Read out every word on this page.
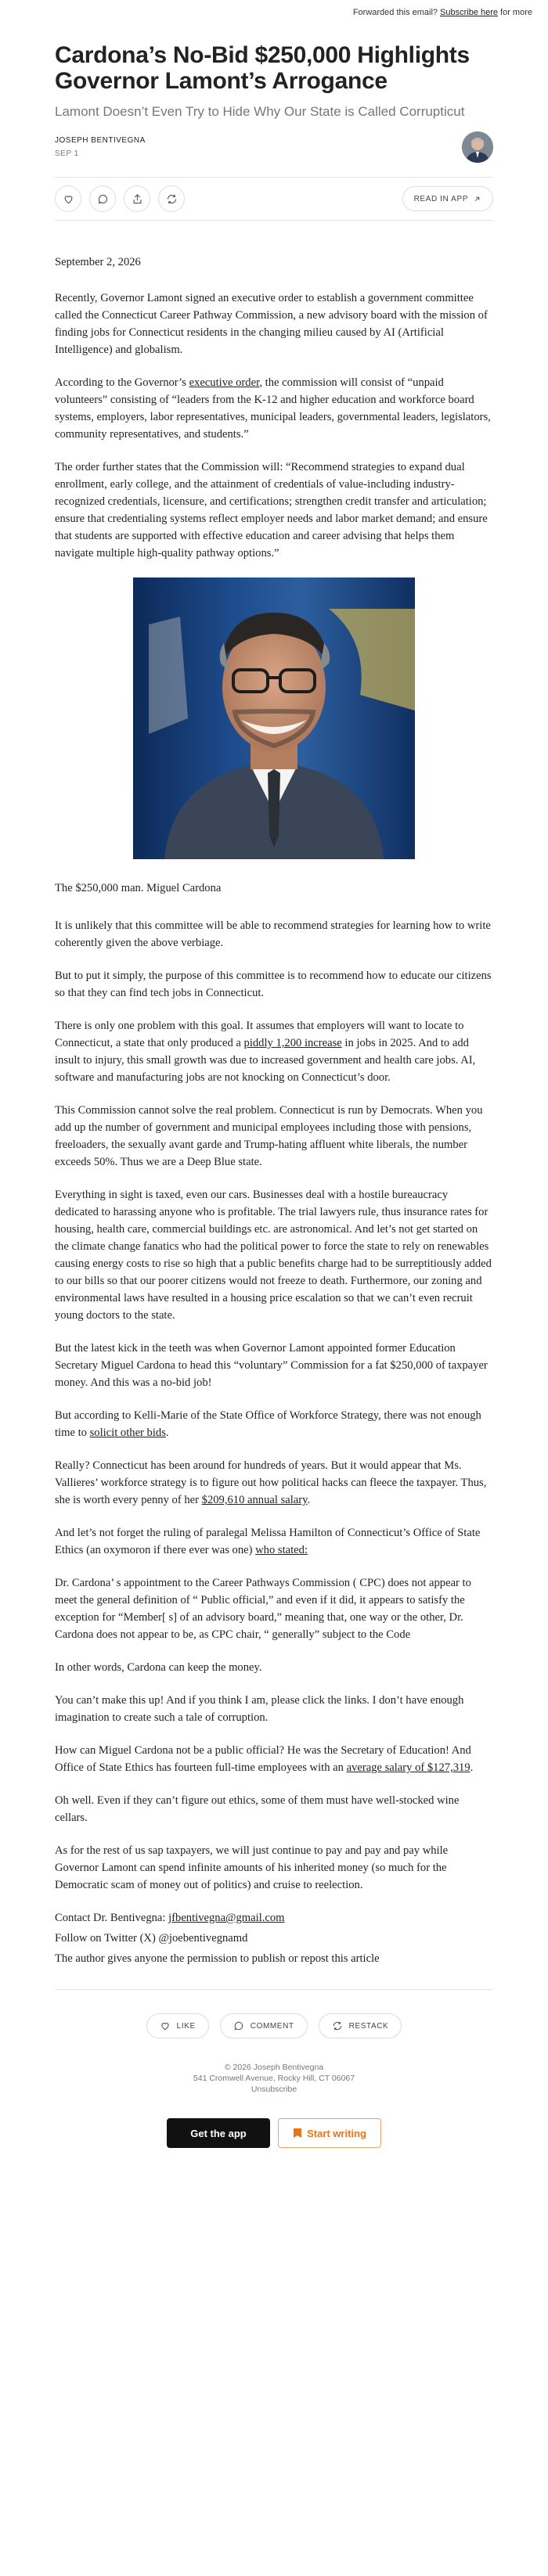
Forwarded this email? Subscribe here for more
Cardona’s No-Bid $250,000 Highlights Governor Lamont’s Arrogance
Lamont Doesn’t Even Try to Hide Why Our State is Called Corrupticut
JOSEPH BENTIVEGNA
SEP 1
READ IN APP

September 2, 2026

Recently, Governor Lamont signed an executive order to establish a government committee called the Connecticut Career Pathway Commission, a new advisory board with the mission of finding jobs for Connecticut residents in the changing milieu caused by AI (Artificial Intelligence) and globalism.

According to the Governor’s executive order, the commission will consist of “unpaid volunteers” consisting of “leaders from the K-12 and higher education and workforce board systems, employers, labor representatives, municipal leaders, governmental leaders, legislators, community representatives, and students.”

The order further states that the Commission will: “Recommend strategies to expand dual enrollment, early college, and the attainment of credentials of value-including industry-recognized credentials, licensure, and certifications; strengthen credit transfer and articulation; ensure that credentialing systems reflect employer needs and labor market demand; and ensure that students are supported with effective education and career advising that helps them navigate multiple high-quality pathway options.”

The $250,000 man. Miguel Cardona

It is unlikely that this committee will be able to recommend strategies for learning how to write coherently given the above verbiage.

But to put it simply, the purpose of this committee is to recommend how to educate our citizens so that they can find tech jobs in Connecticut.

There is only one problem with this goal. It assumes that employers will want to locate to Connecticut, a state that only produced a piddly 1,200 increase in jobs in 2025. And to add insult to injury, this small growth was due to increased government and health care jobs. AI, software and manufacturing jobs are not knocking on Connecticut’s door.

This Commission cannot solve the real problem. Connecticut is run by Democrats. When you add up the number of government and municipal employees including those with pensions, freeloaders, the sexually avant garde and Trump-hating affluent white liberals, the number exceeds 50%. Thus we are a Deep Blue state.

Everything in sight is taxed, even our cars. Businesses deal with a hostile bureaucracy dedicated to harassing anyone who is profitable. The trial lawyers rule, thus insurance rates for housing, health care, commercial buildings etc. are astronomical. And let’s not get started on the climate change fanatics who had the political power to force the state to rely on renewables causing energy costs to rise so high that a public benefits charge had to be surreptitiously added to our bills so that our poorer citizens would not freeze to death. Furthermore, our zoning and environmental laws have resulted in a housing price escalation so that we can’t even recruit young doctors to the state.

But the latest kick in the teeth was when Governor Lamont appointed former Education Secretary Miguel Cardona to head this “voluntary” Commission for a fat $250,000 of taxpayer money. And this was a no-bid job!

But according to Kelli-Marie of the State Office of Workforce Strategy, there was not enough time to solicit other bids.

Really? Connecticut has been around for hundreds of years. But it would appear that Ms. Vallieres’ workforce strategy is to figure out how political hacks can fleece the taxpayer. Thus, she is worth every penny of her $209,610 annual salary.

And let’s not forget the ruling of paralegal Melissa Hamilton of Connecticut’s Office of State Ethics (an oxymoron if there ever was one) who stated:

Dr. Cardona’ s appointment to the Career Pathways Commission ( CPC) does not appear to meet the general definition of “ Public official,” and even if it did, it appears to satisfy the exception for “Member[ s] of an advisory board,” meaning that, one way or the other, Dr. Cardona does not appear to be, as CPC chair, “ generally” subject to the Code

In other words, Cardona can keep the money.

You can’t make this up! And if you think I am, please click the links. I don’t have enough imagination to create such a tale of corruption.

How can Miguel Cardona not be a public official? He was the Secretary of Education! And Office of State Ethics has fourteen full-time employees with an average salary of $127,319.

Oh well. Even if they can’t figure out ethics, some of them must have well-stocked wine cellars.

As for the rest of us sap taxpayers, we will just continue to pay and pay and pay while Governor Lamont can spend infinite amounts of his inherited money (so much for the Democratic scam of money out of politics) and cruise to reelection.

Contact Dr. Bentivegna: jfbentivegna@gmail.com

Follow on Twitter (X) @joebentivegnamd

The author gives anyone the permission to publish or repost this article

LIKE	COMMENT	RESTACK
© 2026 Joseph Bentivegna
541 Cromwell Avenue, Rocky Hill, CT 06067
Unsubscribe
Get the app	Start writing
